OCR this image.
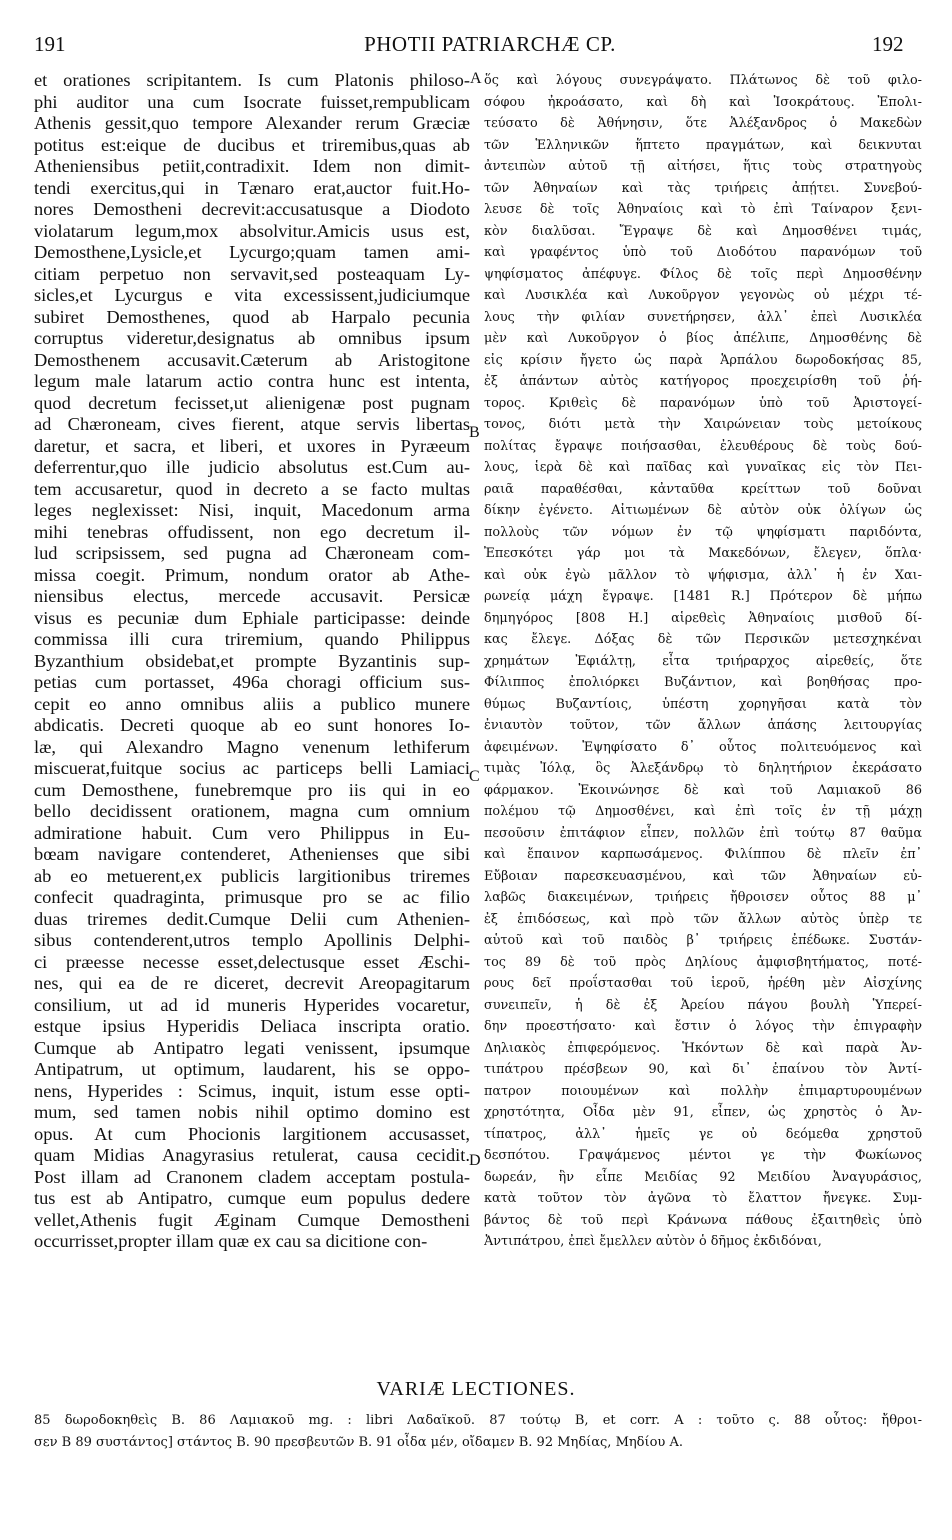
191	PHOTII PATRIARCHÆ CP.	192
et orationes scripitantem. Is cum Platonis philoso-
phi auditor una cum Isocrate fuisset,rempublicam
Athenis gessit,quo tempore Alexander rerum Græciæ
potitus est:eique de ducibus et triremibus,quas ab
Atheniensibus petiit,contradixit. Idem non dimit-
tendi exercitus,qui in Tænaro erat,auctor fuit.Ho-
nores Demostheni decrevit:accusatusque a Diodoto
violatarum legum,mox absolvitur.Amicis usus est,
Demosthene,Lysicle,et Lycurgo;quam tamen ami-
citiam perpetuo non servavit,sed posteaquam Ly-
sicles,et Lycurgus e vita excessissent,judiciumque
subiret Demosthenes, quod ab Harpalo pecunia
corruptus videretur,designatus ab omnibus ipsum
Demosthenem accusavit.Cæterum ab Aristogitone
legum male latarum actio contra hunc est intenta,
quod decretum fecisset,ut alienigenæ post pugnam
ad Chæroneam, cives fierent, atque servis libertas
daretur, et sacra, et liberi, et uxores in Pyræeum
deferrentur,quo ille judicio absolutus est.Cum au-
tem accusaretur, quod in decreto a se facto multas
leges neglexisset: Nisi, inquit, Macedonum arma
mihi tenebras offudissent, non ego decretum il-
lud scripsissem, sed pugna ad Chæroneam com-
missa coegit. Primum, nondum orator ab Athe-
niensibus electus, mercede accusavit. Persicæ
visus es pecuniæ dum Ephiale participasse: deinde
commissa illi cura triremium, quando Philippus
Byzanthium obsidebat,et prompte Byzantinis sup-
petias cum portasset, 496a choragi officium sus-
cepit eo anno omnibus aliis a publico munere
abdicatis. Decreti quoque ab eo sunt honores Io-
læ, qui Alexandro Magno venenum lethiferum
miscuerat,fuitque socius ac particeps belli Lamiaci
cum Demosthene, funebremque pro iis qui in eo
bello decidissent orationem, magna cum omnium
admiratione habuit. Cum vero Philippus in Eu-
bœam navigare contenderet, Athenienses que sibi
ab eo metuerent,ex publicis largitionibus triremes
confecit quadraginta, primusque pro se ac filio
duas triremes dedit.Cumque Delii cum Athenien-
sibus contenderent,utros templo Apollinis Delphi-
ci præesse necesse esset,delectusque esset Æschi-
nes, qui ea de re diceret, decrevit Areopagitarum
consilium, ut ad id muneris Hyperides vocaretur,
estque ipsius Hyperidis Deliaca inscripta oratio.
Cumque ab Antipatro legati venissent, ipsumque
Antipatrum, ut optimum, laudarent, his se oppo-
nens, Hyperides : Scimus, inquit, istum esse opti-
mum, sed tamen nobis nihil optimo domino est
opus. At cum Phocionis largitionem accusasset,
quam Midias Anagyrasius retulerat, causa cecidit.
Post illam ad Cranonem cladem acceptam postula-
tus est ab Antipatro, cumque eum populus dedere
vellet,Athenis fugit Æginam Cumque Demostheni
occurrisset,propter illam quæ ex cau sa dicitione con-
ὅς καὶ λόγους συνεγράψατο. Πλάτωνος δὲ τοῦ φιλο-
σόφου ἠκροάσατο, καὶ δὴ καὶ Ἰσοκράτους. Ἐπολι-
τεύσατο δὲ Ἀθήνησιν, ὅτε Ἀλέξανδρος ὁ Μακεδὼν
τῶν Ἑλληνικῶν ἥπτετο πραγμάτων, καὶ δεικνυται
ἀντειπὼν αὐτοῦ τῇ αἰτήσει, ἥτις τοὺς στρατηγοὺς
τῶν Ἀθηναίων καὶ τὰς τριήρεις ἀπῄτει. Συνεβού-
λευσε δὲ τοῖς Ἀθηναίοις καὶ τὸ ἐπὶ Ταίναρον ξενι-
κὸν διαλῦσαι. Ἔγραψε δὲ καὶ Δημοσθένει τιμάς,
καὶ γραφέντος ὑπὸ τοῦ Διοδότου παρανόμων τοῦ
ψηφίσματος ἀπέφυγε. Φίλος δὲ τοῖς περὶ Δημοσθένην
καὶ Λυσικλέα καὶ Λυκοῦργον γεγονὼς οὐ μέχρι τέ-
λους τὴν φιλίαν συνετήρησεν, ἀλλ᾽ ἐπεὶ Λυσικλέα
μὲν καὶ Λυκοῦργον ὁ βίος ἀπέλιπε, Δημοσθένης δὲ
εἰς κρίσιν ἤγετο ὡς παρὰ Ἁρπάλου δωροδοκήσας 85,
ἐξ ἁπάντων αὐτὸς κατήγορος προεχειρίσθη τοῦ ῥή-
τορος. Κριθεὶς δὲ παρανόμων ὑπὸ τοῦ Ἀριστογεί-
τονος, διότι μετὰ τὴν Χαιρώνειαν τοὺς μετοίκους
πολίτας ἔγραψε ποιήσασθαι, ἐλευθέρους δὲ τοὺς δού-
λους, ἱερὰ δὲ καὶ παῖδας καὶ γυναῖκας εἰς τὸν Πει-
ραιᾶ παραθέσθαι, κἀνταῦθα κρείττων τοῦ δοῦναι
δίκην ἐγένετο. Αἰτιωμένων δὲ αὐτὸν οὐκ ὀλίγων ὡς
πολλοὺς τῶν νόμων ἐν τῷ ψηφίσματι παριδόντα,
Ἐπεσκότει γάρ μοι τὰ Μακεδόνων, ἔλεγεν, ὅπλα·
καὶ οὐκ ἐγὼ μᾶλλον τὸ ψήφισμα, ἀλλ᾽ ἡ ἐν Χαι-
ρωνείᾳ μάχη ἔγραψε. [1481 R.] Πρότερον δὲ μήπω
δημηγόρος [808 H.] αἱρεθεὶς Ἀθηναίοις μισθοῦ δί-
κας ἔλεγε. Δόξας δὲ τῶν Περσικῶν μετεσχηκέναι
χρημάτων Ἐφιάλτῃ, εἶτα τριήραρχος αἱρεθείς, ὅτε
Φίλιππος ἐπολιόρκει Βυζάντιον, καὶ βοηθήσας προ-
θύμως Βυζαντίοις, ὑπέστη χορηγῆσαι κατὰ τὸν
ἐνιαυτὸν τοῦτον, τῶν ἄλλων ἁπάσης λειτουργίας
ἀφειμένων. Ἐψηφίσατο δ᾽ οὗτος πολιτευόμενος καὶ
τιμὰς Ἰόλᾳ, ὃς Ἀλεξάνδρῳ τὸ δηλητήριον ἐκεράσατο
φάρμακον. Ἐκοινώνησε δὲ καὶ τοῦ Λαμιακοῦ 86
πολέμου τῷ Δημοσθένει, καὶ ἐπὶ τοῖς ἐν τῇ μάχῃ
πεσοῦσιν ἐπιτάφιον εἶπεν, πολλῶν ἐπὶ τούτῳ 87 θαῦμα
καὶ ἔπαινον καρπωσάμενος. Φιλίππου δὲ πλεῖν ἐπ᾽
Εὔβοιαν παρεσκευασμένου, καὶ τῶν Ἀθηναίων εὐ-
λαβῶς διακειμένων, τριήρεις ἤθροισεν οὗτος 88 μ᾽
ἐξ ἐπιδόσεως, καὶ πρὸ τῶν ἄλλων αὐτὸς ὑπὲρ τε
αὑτοῦ καὶ τοῦ παιδὸς β᾽ τριήρεις ἐπέδωκε. Συστάν-
τος 89 δὲ τοῦ πρὸς Δηλίους ἀμφισβητήματος, ποτέ-
ρους δεῖ προΐστασθαι τοῦ ἱεροῦ, ἡρέθη μὲν Αἰσχίνης
συνειπεῖν, ἡ δὲ ἐξ Ἀρείου πάγου βουλὴ Ὑπερεί-
δην προεστήσατο· καὶ ἔστιν ὁ λόγος τὴν ἐπιγραφὴν
Δηλιακὸς ἐπιφερόμενος. Ἡκόντων δὲ καὶ παρὰ Ἀν-
τιπάτρου πρέσβεων 90, καὶ δι᾽ ἐπαίνου τὸν Ἀντί-
πατρον ποιουμένων καὶ πολλὴν ἐπιμαρτυρουμένων
χρηστότητα, Οἶδα μὲν 91, εἶπεν, ὡς χρηστὸς ὁ Ἀν-
τίπατρος, ἀλλ᾽ ἡμεῖς γε οὐ δεόμεθα χρηστοῦ
δεσπότου. Γραψάμενος μέντοι γε τὴν Φωκίωνος
δωρεάν, ἣν εἶπε Μειδίας 92 Μειδίου Ἀναγυράσιος,
κατὰ τοῦτον τὸν ἀγῶνα τὸ ἔλαττον ἤνεγκε. Συμ-
βάντος δὲ τοῦ περὶ Κράνωνα πάθους ἐξαιτηθεὶς ὑπὸ
Ἀντιπάτρου, ἐπεὶ ἔμελλεν αὐτὸν ὁ δῆμος ἐκδιδόναι,
A
B
C
D
VARIÆ LECTIONES.
85 δωροδοκηθεὶς B. 86 Λαμιακοῦ mg. : libri Λαδαϊκοῦ. 87 τούτῳ B, et corr. A : τοῦτο ς. 88 οὗτος: ἤθροι-
σεν B 89 συστάντος] στάντος B. 90 πρεσβευτῶν B. 91 οἶδα μέν, οἴδαμεν B. 92 Μηδίας, Μηδίου A.
